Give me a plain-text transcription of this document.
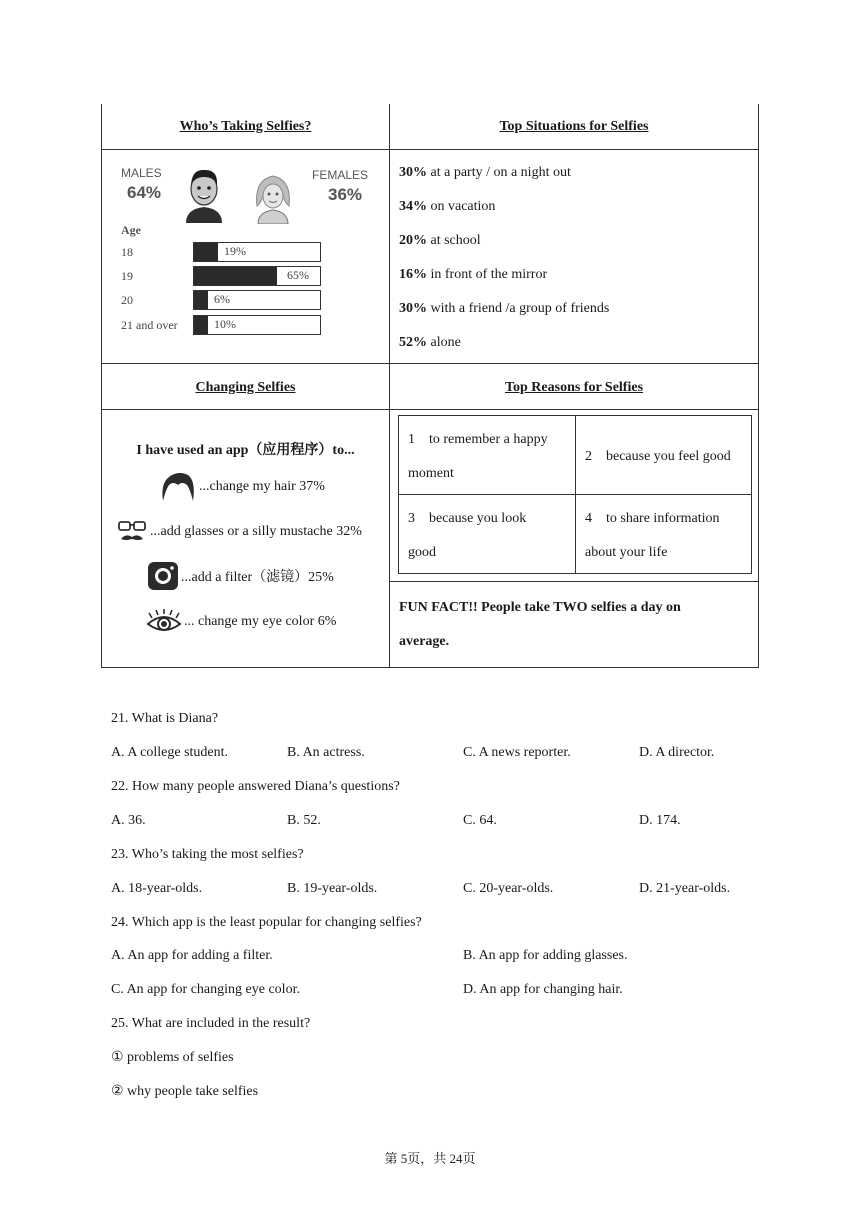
Who’s Taking Selfies?	Top Situations for Selfies
Changing Selfies	Top Reasons for Selfies
MALES
64%
FEMALES
36%
Age
18	19%
19	65%
20	6%
21 and over	10%
30% at a party / on a night out
34% on vacation
20% at school
16% in front of the mirror
30% with a friend /a group of friends
52% alone
I have used an app（应用程序）to...
...change my hair 37%
...add glasses or a silly mustache 32%
...add a filter（滤镜）25%
... change my eye color 6%
1 to remember a happy
moment
2 because you feel good
3 because you look
good
4 to share information
about your life
FUN FACT!! People take TWO selfies a day on
average.
21. What is Diana?
A. A college student.	B. An actress.	C. A news reporter.	D. A director.
22. How many people answered Diana’s questions?
A. 36.	B. 52.	C. 64.	D. 174.
23. Who’s taking the most selfies?
A. 18-year-olds.	B. 19-year-olds.	C. 20-year-olds.	D. 21-year-olds.
24. Which app is the least popular for changing selfies?
A. An app for adding a filter.	B. An app for adding glasses.
C. An app for changing eye color.	D. An app for changing hair.
25. What are included in the result?
① problems of selfies
② why people take selfies
第 5页，共 24页
